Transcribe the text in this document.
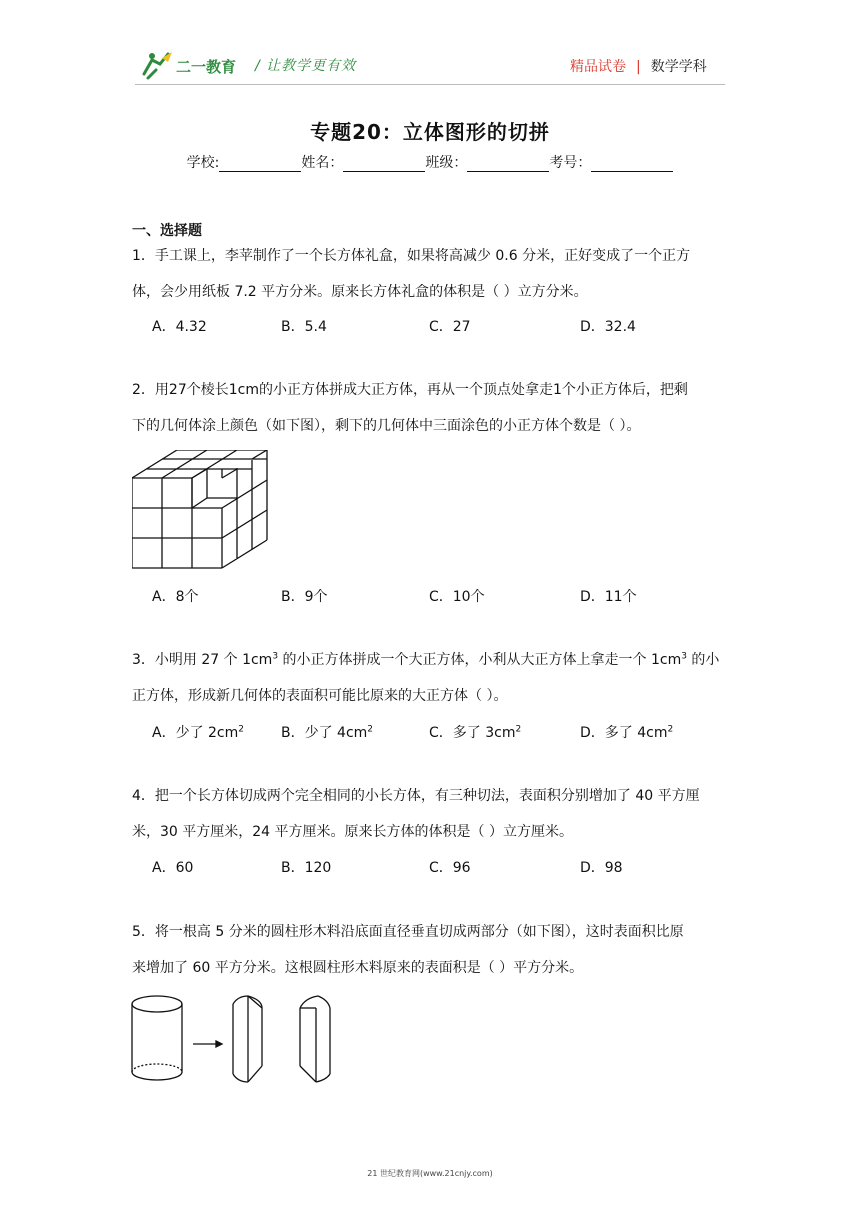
二一教育 / 让教学更有效	精品试卷 | 数学学科
专题20：立体图形的切拼
学校:	姓名：	班级：	考号：
一、选择题

1．手工课上，李苹制作了一个长方体礼盒，如果将高减少 0.6 分米，正好变成了一个正方

体，会少用纸板 7.2 平方分米。原来长方体礼盒的体积是（ ）立方分米。

A．4.32	B．5.4	C．27	D．32.4

2．用27个棱长1cm的小正方体拼成大正方体，再从一个顶点处拿走1个小正方体后，把剩

下的几何体涂上颜色（如下图），剩下的几何体中三面涂色的小正方体个数是（ ）。

A．8个	B．9个	C．10个	D．11个

3．小明用 27 个 $1cm^3$ 的小正方体拼成一个大正方体，小利从大正方体上拿走一个 $1cm^3$ 的小

正方体，形成新几何体的表面积可能比原来的大正方体（ ）。

A．少了 $2cm^2$	B．少了 $4cm^2$	C．多了 $3cm^2$	D．多了 $4cm^2$

4．把一个长方体切成两个完全相同的小长方体，有三种切法，表面积分别增加了 40 平方厘

米，30 平方厘米，24 平方厘米。原来长方体的体积是（ ）立方厘米。

A．60	B．120	C．96	D．98

5．将一根高 5 分米的圆柱形木料沿底面直径垂直切成两部分（如下图），这时表面积比原

来增加了 60 平方分米。这根圆柱形木料原来的表面积是（ ）平方分米。

21 世纪教育网(www.21cnjy.com)
